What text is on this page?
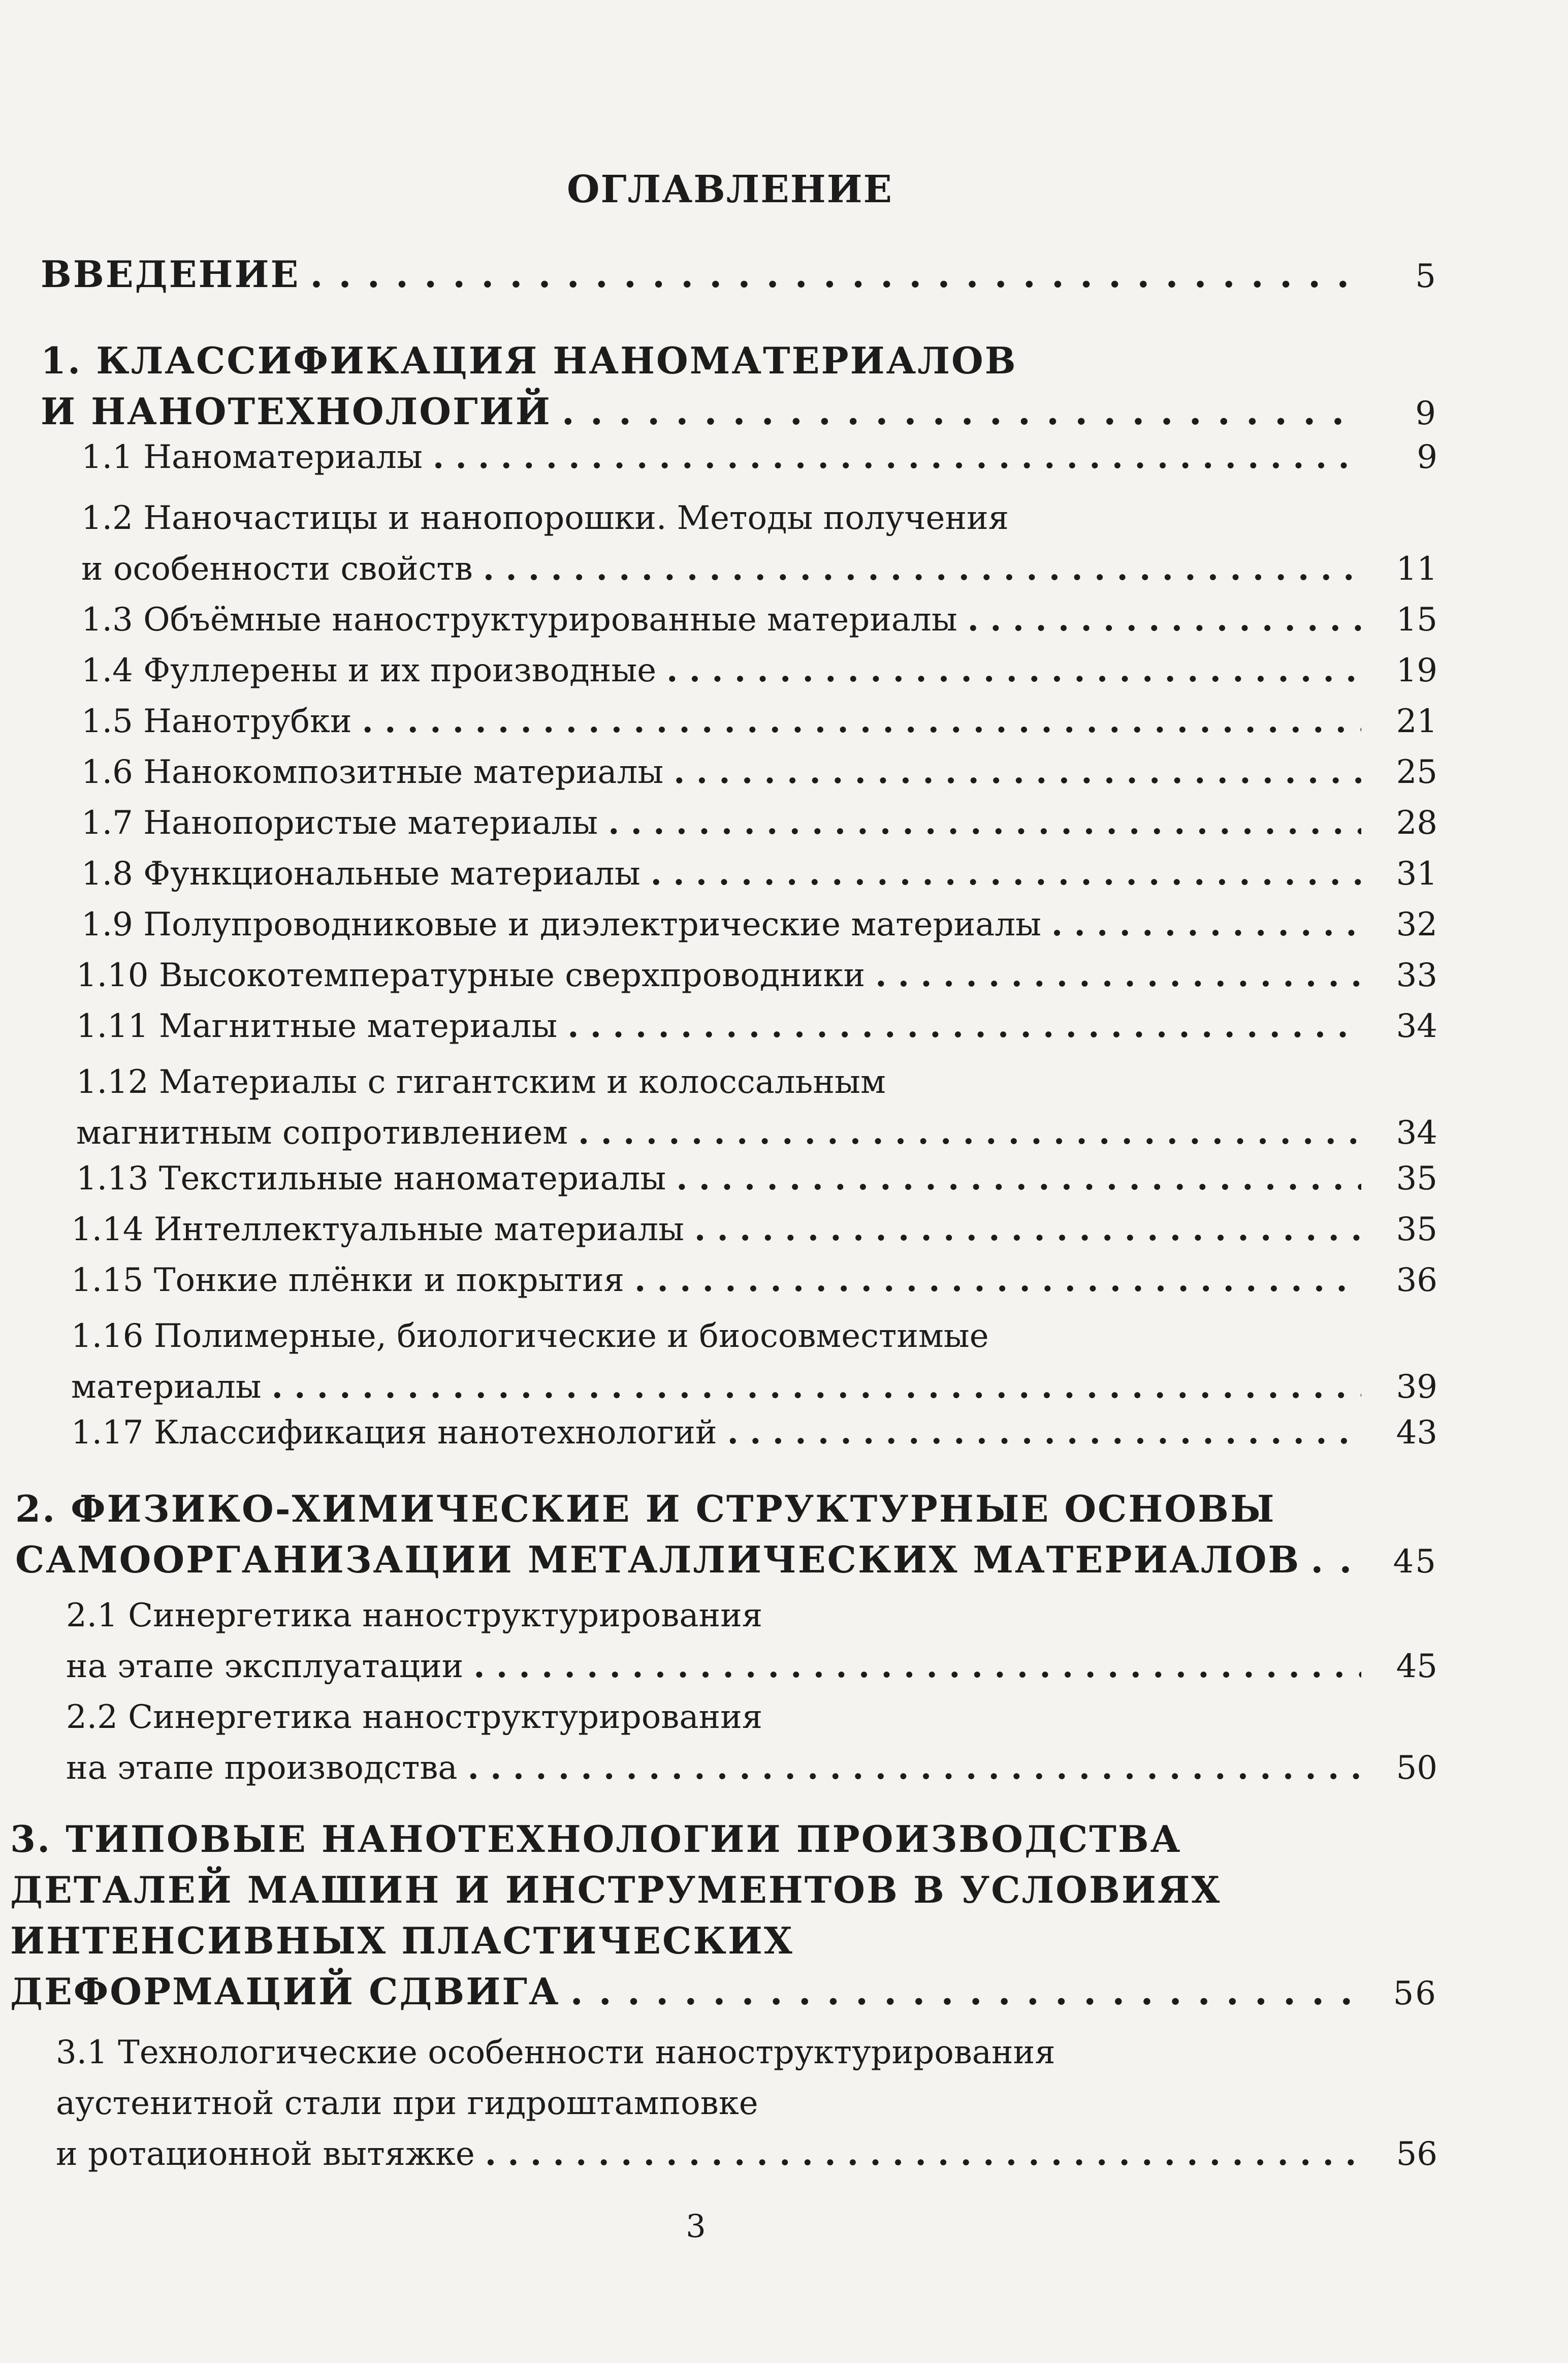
ОГЛАВЛЕНИЕ
ВВЕДЕНИЕ . . .	5
1. КЛАССИФИКАЦИЯ НАНОМАТЕРИАЛОВ
И НАНОТЕХНОЛОГИЙ . . .	9
1.1 Наноматериалы . . .	9
1.2 Наночастицы и нанопорошки. Методы получения
и особенности свойств . . .	11
1.3 Объёмные наноструктурированные материалы . . .	15
1.4 Фуллерены и их производные . . .	19
1.5 Нанотрубки . . .	21
1.6 Нанокомпозитные материалы . . .	25
1.7 Нанопористые материалы . . .	28
1.8 Функциональные материалы . . .	31
1.9 Полупроводниковые и диэлектрические материалы . . .	32
1.10 Высокотемпературные сверхпроводники . . .	33
1.11 Магнитные материалы . . .	34
1.12 Материалы с гигантским и колоссальным
магнитным сопротивлением . . .	34
1.13 Текстильные наноматериалы . . .	35
1.14 Интеллектуальные материалы . . .	35
1.15 Тонкие плёнки и покрытия . . .	36
1.16 Полимерные, биологические и биосовместимые
материалы . . .	39
1.17 Классификация нанотехнологий . . .	43
2. ФИЗИКО-ХИМИЧЕСКИЕ И СТРУКТУРНЫЕ ОСНОВЫ
САМООРГАНИЗАЦИИ МЕТАЛЛИЧЕСКИХ МАТЕРИАЛОВ . . .	45
2.1 Синергетика наноструктурирования
на этапе эксплуатации . . .	45
2.2 Синергетика наноструктурирования
на этапе производства . . .	50
3. ТИПОВЫЕ НАНОТЕХНОЛОГИИ ПРОИЗВОДСТВА
ДЕТАЛЕЙ МАШИН И ИНСТРУМЕНТОВ В УСЛОВИЯХ
ИНТЕНСИВНЫХ ПЛАСТИЧЕСКИХ
ДЕФОРМАЦИЙ СДВИГА . . .	56
3.1 Технологические особенности наноструктурирования
аустенитной стали при гидроштамповке
и ротационной вытяжке . . .	56
3
